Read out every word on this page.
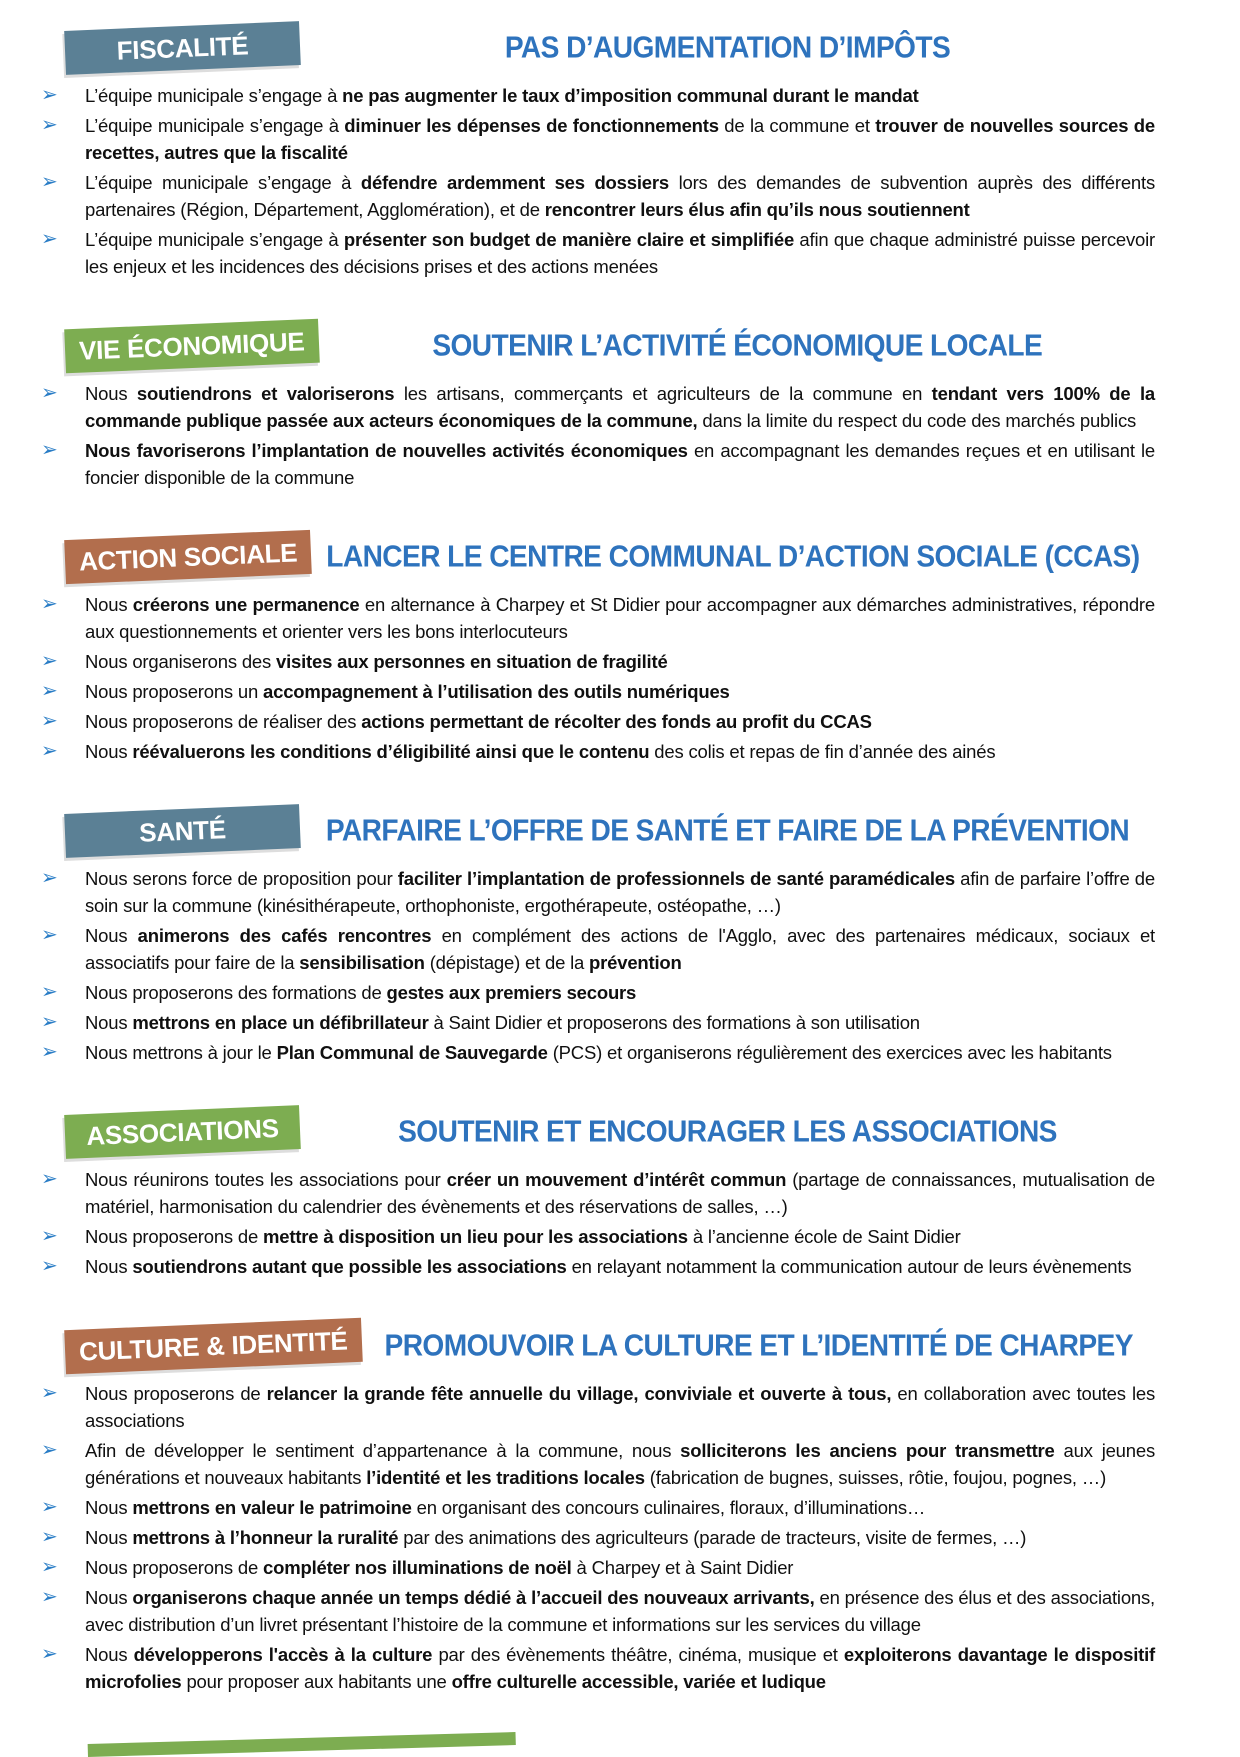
FISCALITÉ	PAS D’AUGMENTATION D’IMPÔTS
➢	L’équipe municipale s’engage à ne pas augmenter le taux d’imposition communal durant le mandat
➢	L’équipe municipale s’engage à diminuer les dépenses de fonctionnements de la commune et trouver de nouvelles sources de recettes, autres que la fiscalité
➢	L’équipe municipale s’engage à défendre ardemment ses dossiers lors des demandes de subvention auprès des différents partenaires (Région, Département, Agglomération), et de rencontrer leurs élus afin qu’ils nous soutiennent
➢	L’équipe municipale s’engage à présenter son budget de manière claire et simplifiée afin que chaque administré puisse percevoir les enjeux et les incidences des décisions prises et des actions menées
VIE ÉCONOMIQUE	SOUTENIR L’ACTIVITÉ ÉCONOMIQUE LOCALE
➢	Nous soutiendrons et valoriserons les artisans, commerçants et agriculteurs de la commune en tendant vers 100% de la commande publique passée aux acteurs économiques de la commune, dans la limite du respect du code des marchés publics
➢	Nous favoriserons l’implantation de nouvelles activités économiques en accompagnant les demandes reçues et en utilisant le foncier disponible de la commune
ACTION SOCIALE LANCER LE CENTRE COMMUNAL D’ACTION SOCIALE (CCAS)
➢	Nous créerons une permanence en alternance à Charpey et St Didier pour accompagner aux démarches administratives, répondre aux questionnements et orienter vers les bons interlocuteurs
➢	Nous organiserons des visites aux personnes en situation de fragilité
➢	Nous proposerons un accompagnement à l’utilisation des outils numériques
➢	Nous proposerons de réaliser des actions permettant de récolter des fonds au profit du CCAS
➢	Nous réévaluerons les conditions d’éligibilité ainsi que le contenu des colis et repas de fin d’année des ainés
SANTÉ	PARFAIRE L’OFFRE DE SANTÉ ET FAIRE DE LA PRÉVENTION
➢	Nous serons force de proposition pour faciliter l’implantation de professionnels de santé paramédicales afin de parfaire l’offre de soin sur la commune (kinésithérapeute, orthophoniste, ergothérapeute, ostéopathe, …)
➢	Nous animerons des cafés rencontres en complément des actions de l'Agglo, avec des partenaires médicaux, sociaux et associatifs pour faire de la sensibilisation (dépistage) et de la prévention
➢	Nous proposerons des formations de gestes aux premiers secours
➢	Nous mettrons en place un défibrillateur à Saint Didier et proposerons des formations à son utilisation
➢	Nous mettrons à jour le Plan Communal de Sauvegarde (PCS) et organiserons régulièrement des exercices avec les habitants
ASSOCIATIONS	SOUTENIR ET ENCOURAGER LES ASSOCIATIONS
➢	Nous réunirons toutes les associations pour créer un mouvement d’intérêt commun (partage de connaissances, mutualisation de matériel, harmonisation du calendrier des évènements et des réservations de salles, …)
➢	Nous proposerons de mettre à disposition un lieu pour les associations à l’ancienne école de Saint Didier
➢	Nous soutiendrons autant que possible les associations en relayant notamment la communication autour de leurs évènements
CULTURE & IDENTITÉ	PROMOUVOIR LA CULTURE ET L’IDENTITÉ DE CHARPEY
➢	Nous proposerons de relancer la grande fête annuelle du village, conviviale et ouverte à tous, en collaboration avec toutes les associations
➢	Afin de développer le sentiment d’appartenance à la commune, nous solliciterons les anciens pour transmettre aux jeunes générations et nouveaux habitants l’identité et les traditions locales (fabrication de bugnes, suisses, rôtie, foujou, pognes, …)
➢	Nous mettrons en valeur le patrimoine en organisant des concours culinaires, floraux, d’illuminations…
➢	Nous mettrons à l’honneur la ruralité par des animations des agriculteurs (parade de tracteurs, visite de fermes, …)
➢	Nous proposerons de compléter nos illuminations de noël à Charpey et à Saint Didier
➢	Nous organiserons chaque année un temps dédié à l’accueil des nouveaux arrivants, en présence des élus et des associations, avec distribution d’un livret présentant l’histoire de la commune et informations sur les services du village
➢	Nous développerons l'accès à la culture par des évènements théâtre, cinéma, musique et exploiterons davantage le dispositif microfolies pour proposer aux habitants une offre culturelle accessible, variée et ludique
